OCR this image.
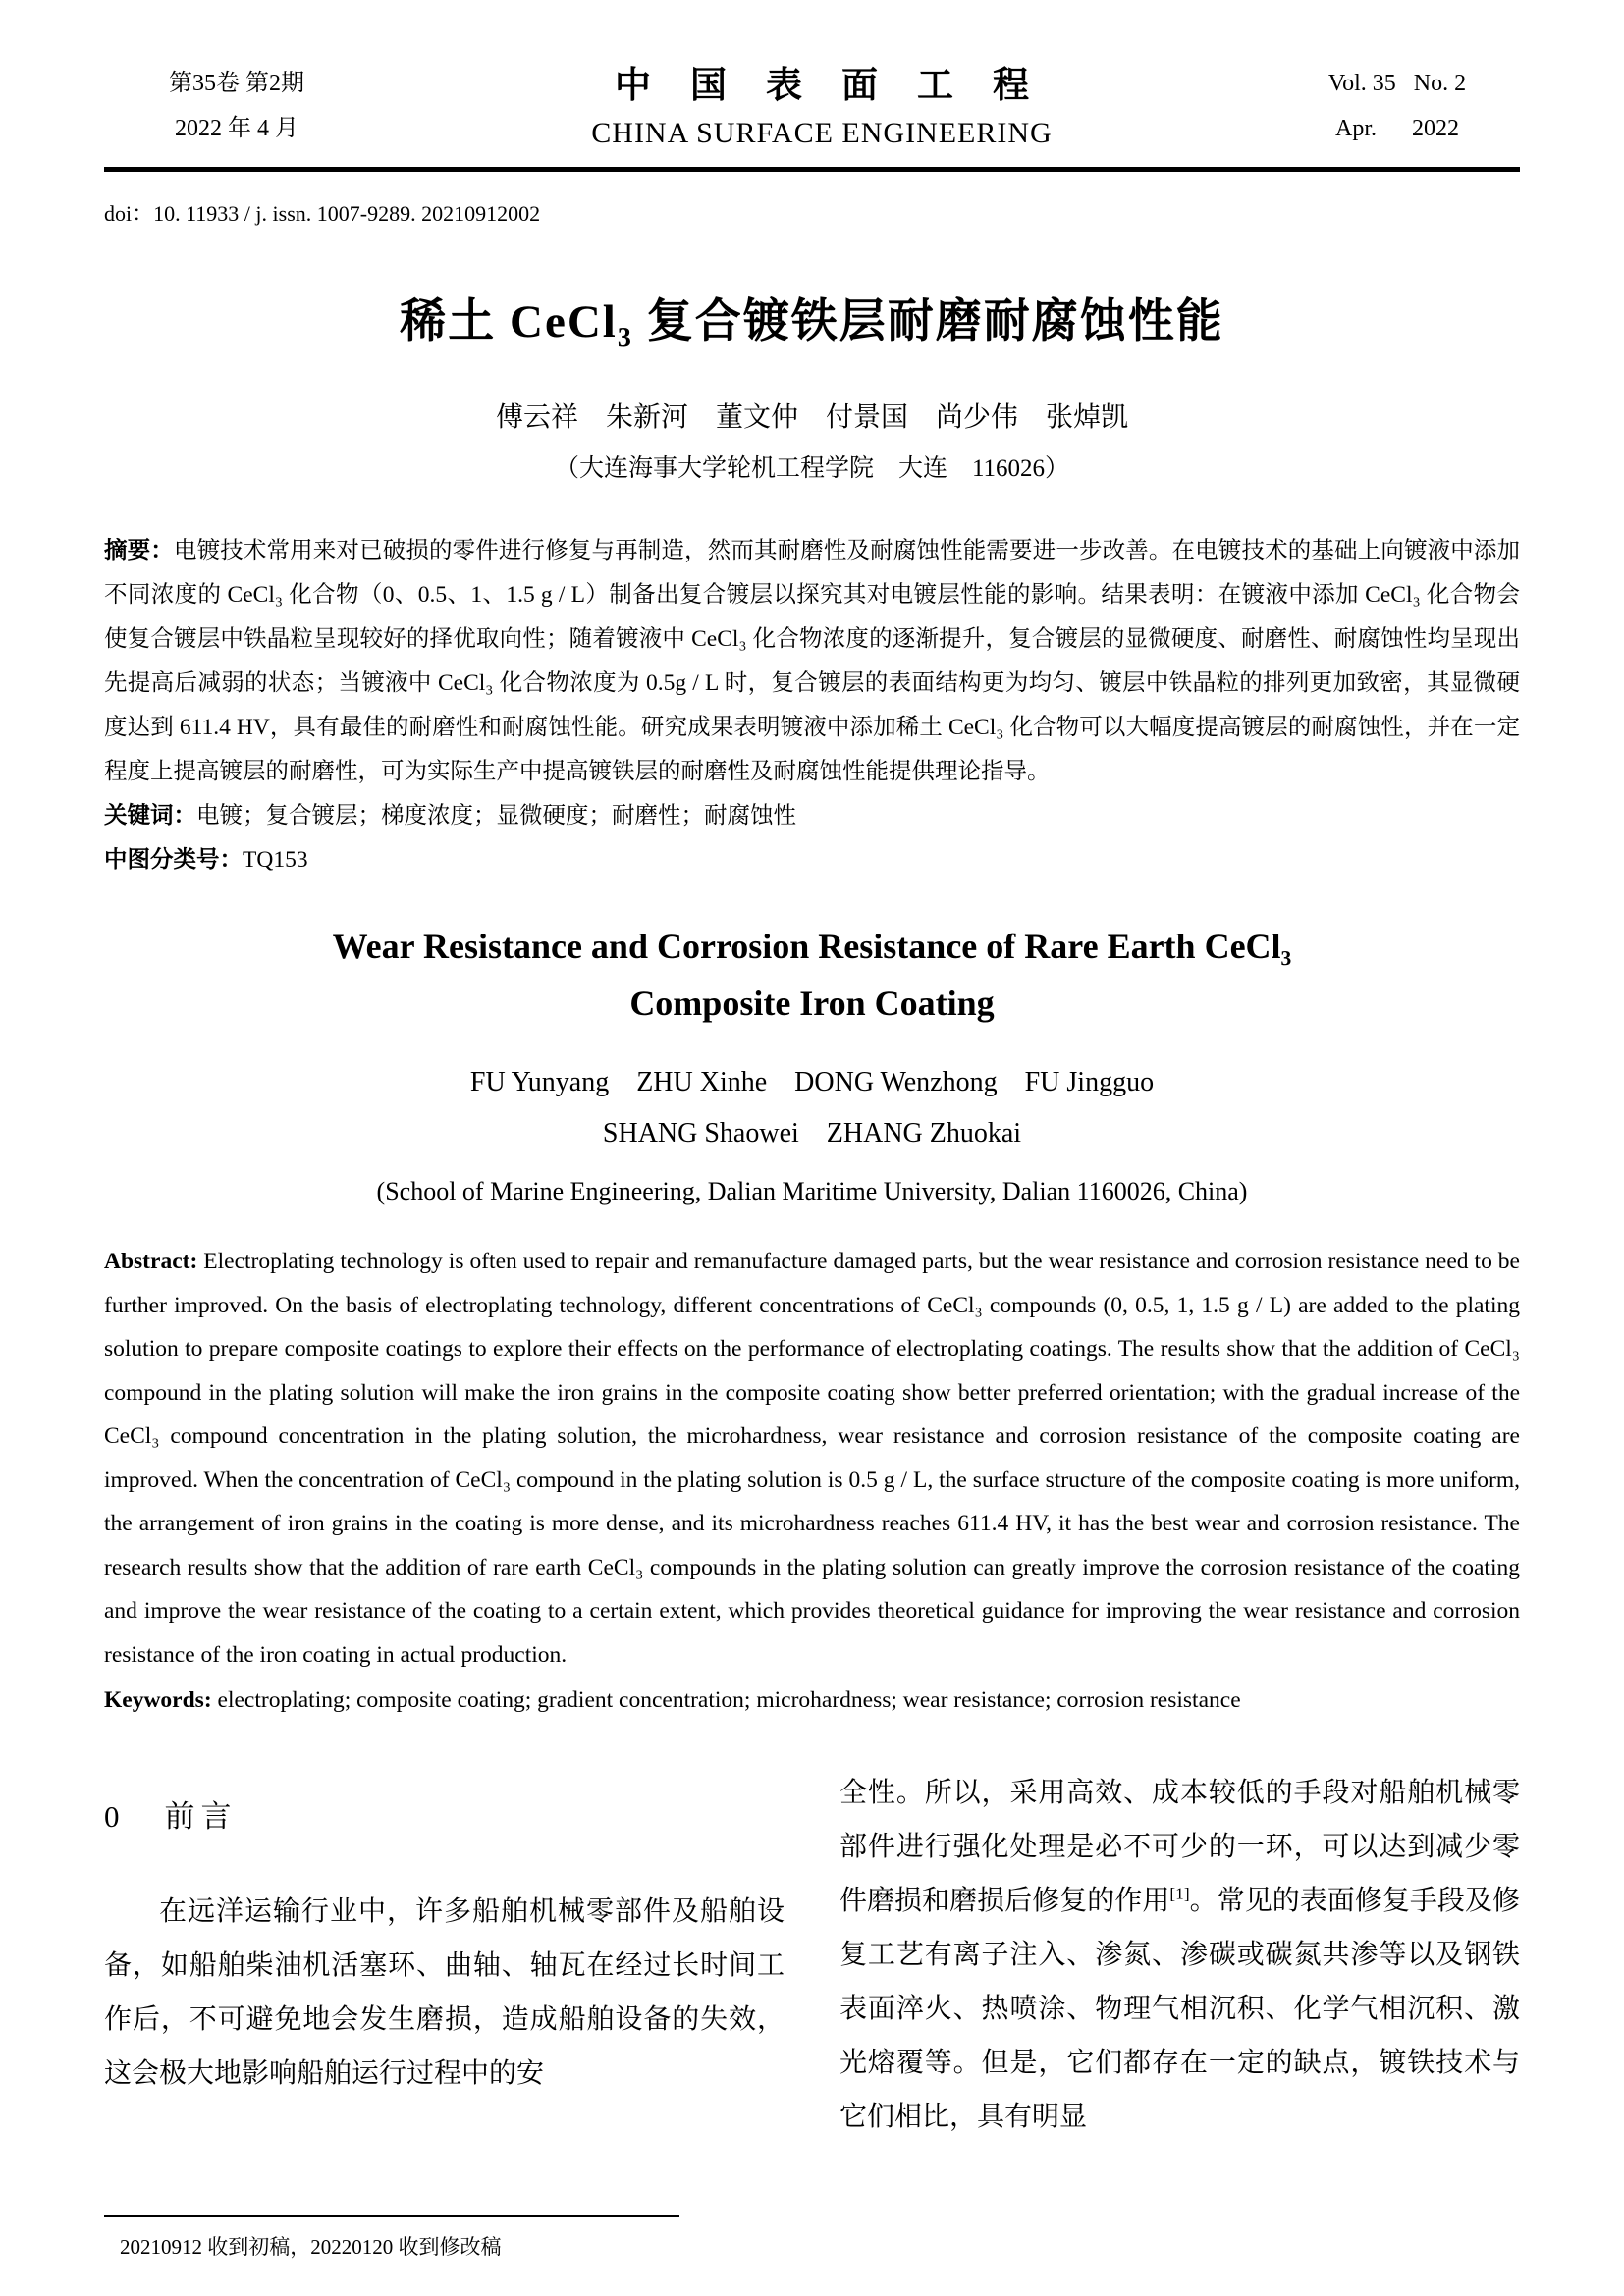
第35卷 第2期
2022 年 4 月
中国表面工程
CHINA SURFACE ENGINEERING
Vol. 35   No. 2
Apr.      2022
doi：10. 11933 / j. issn. 1007-9289. 20210912002
稀土 CeCl₃ 复合镀铁层耐磨耐腐蚀性能
傅云祥　朱新河　董文仲　付景国　尚少伟　张焯凯
（大连海事大学轮机工程学院　大连　116026）
摘要：电镀技术常用来对已破损的零件进行修复与再制造，然而其耐磨性及耐腐蚀性能需要进一步改善。在电镀技术的基础上向镀液中添加不同浓度的 CeCl₃ 化合物（0、0.5、1、1.5 g / L）制备出复合镀层以探究其对电镀层性能的影响。结果表明：在镀液中添加 CeCl₃ 化合物会使复合镀层中铁晶粒呈现较好的择优取向性；随着镀液中 CeCl₃ 化合物浓度的逐渐提升，复合镀层的显微硬度、耐磨性、耐腐蚀性均呈现出先提高后减弱的状态；当镀液中 CeCl₃ 化合物浓度为 0.5g / L 时，复合镀层的表面结构更为均匀、镀层中铁晶粒的排列更加致密，其显微硬度达到 611.4 HV，具有最佳的耐磨性和耐腐蚀性能。研究成果表明镀液中添加稀土 CeCl₃ 化合物可以大幅度提高镀层的耐腐蚀性，并在一定程度上提高镀层的耐磨性，可为实际生产中提高镀铁层的耐磨性及耐腐蚀性能提供理论指导。
关键词：电镀；复合镀层；梯度浓度；显微硬度；耐磨性；耐腐蚀性
中图分类号：TQ153
Wear Resistance and Corrosion Resistance of Rare Earth CeCl₃
Composite Iron Coating
FU Yunyang    ZHU Xinhe    DONG Wenzhong    FU Jingguo
SHANG Shaowei    ZHANG Zhuokai
(School of Marine Engineering, Dalian Maritime University, Dalian 1160026, China)
Abstract: Electroplating technology is often used to repair and remanufacture damaged parts, but the wear resistance and corrosion resistance need to be further improved. On the basis of electroplating technology, different concentrations of CeCl₃ compounds (0, 0.5, 1, 1.5 g / L) are added to the plating solution to prepare composite coatings to explore their effects on the performance of electroplating coatings. The results show that the addition of CeCl₃ compound in the plating solution will make the iron grains in the composite coating show better preferred orientation; with the gradual increase of the CeCl₃ compound concentration in the plating solution, the microhardness, wear resistance and corrosion resistance of the composite coating are improved. When the concentration of CeCl₃ compound in the plating solution is 0.5 g / L, the surface structure of the composite coating is more uniform, the arrangement of iron grains in the coating is more dense, and its microhardness reaches 611.4 HV, it has the best wear and corrosion resistance. The research results show that the addition of rare earth CeCl₃ compounds in the plating solution can greatly improve the corrosion resistance of the coating and improve the wear resistance of the coating to a certain extent, which provides theoretical guidance for improving the wear resistance and corrosion resistance of the iron coating in actual production.
Keywords: electroplating; composite coating; gradient concentration; microhardness; wear resistance; corrosion resistance
0 前言
在远洋运输行业中，许多船舶机械零部件及船舶设备，如船舶柴油机活塞环、曲轴、轴瓦在经过长时间工作后，不可避免地会发生磨损，造成船舶设备的失效，这会极大地影响船舶运行过程中的安
全性。所以，采用高效、成本较低的手段对船舶机械零部件进行强化处理是必不可少的一环，可以达到减少零件磨损和磨损后修复的作用[1]。常见的表面修复手段及修复工艺有离子注入、渗氮、渗碳或碳氮共渗等以及钢铁表面淬火、热喷涂、物理气相沉积、化学气相沉积、激光熔覆等。但是，它们都存在一定的缺点，镀铁技术与它们相比，具有明显
20210912 收到初稿，20220120 收到修改稿
